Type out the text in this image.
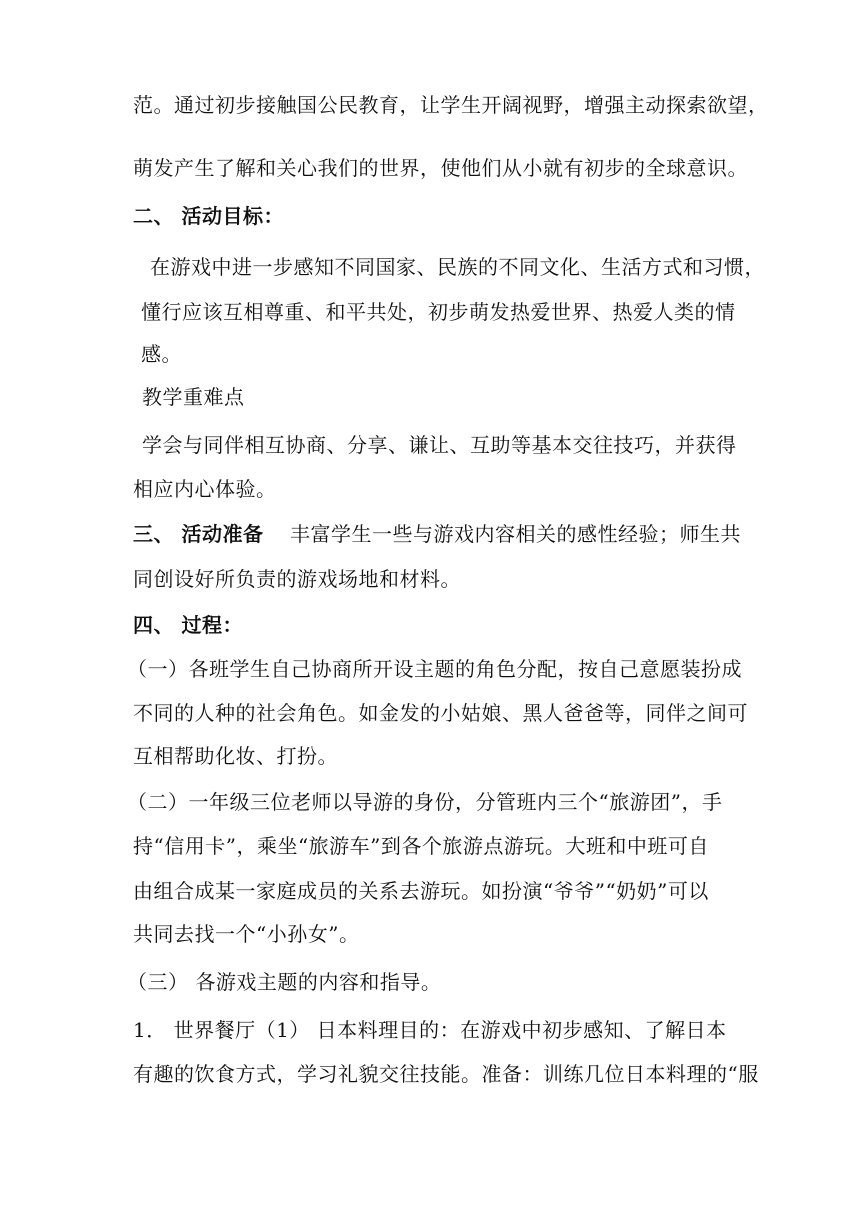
范。通过初步接触国公民教育，让学生开阔视野，增强主动探索欲望，
萌发产生了解和关心我们的世界，使他们从小就有初步的全球意识。
二、 活动目标：
在游戏中进一步感知不同国家、民族的不同文化、生活方式和习惯，
懂行应该互相尊重、和平共处，初步萌发热爱世界、热爱人类的情
感。
教学重难点
学会与同伴相互协商、分享、谦让、互助等基本交往技巧，并获得
相应内心体验。
三、 活动准备 丰富学生一些与游戏内容相关的感性经验；师生共
同创设好所负责的游戏场地和材料。
四、 过程：
（一）各班学生自己协商所开设主题的角色分配，按自己意愿装扮成
不同的人种的社会角色。如金发的小姑娘、黑人爸爸等，同伴之间可
互相帮助化妆、打扮。
（二）一年级三位老师以导游的身份，分管班内三个“旅游团”，手
持“信用卡”，乘坐“旅游车”到各个旅游点游玩。大班和中班可自
由组合成某一家庭成员的关系去游玩。如扮演“爷爷”“奶奶”可以
共同去找一个“小孙女”。
（三） 各游戏主题的内容和指导。
1． 世界餐厅（1） 日本料理目的：在游戏中初步感知、了解日本
有趣的饮食方式，学习礼貌交往技能。准备：训练几位日本料理的“服
